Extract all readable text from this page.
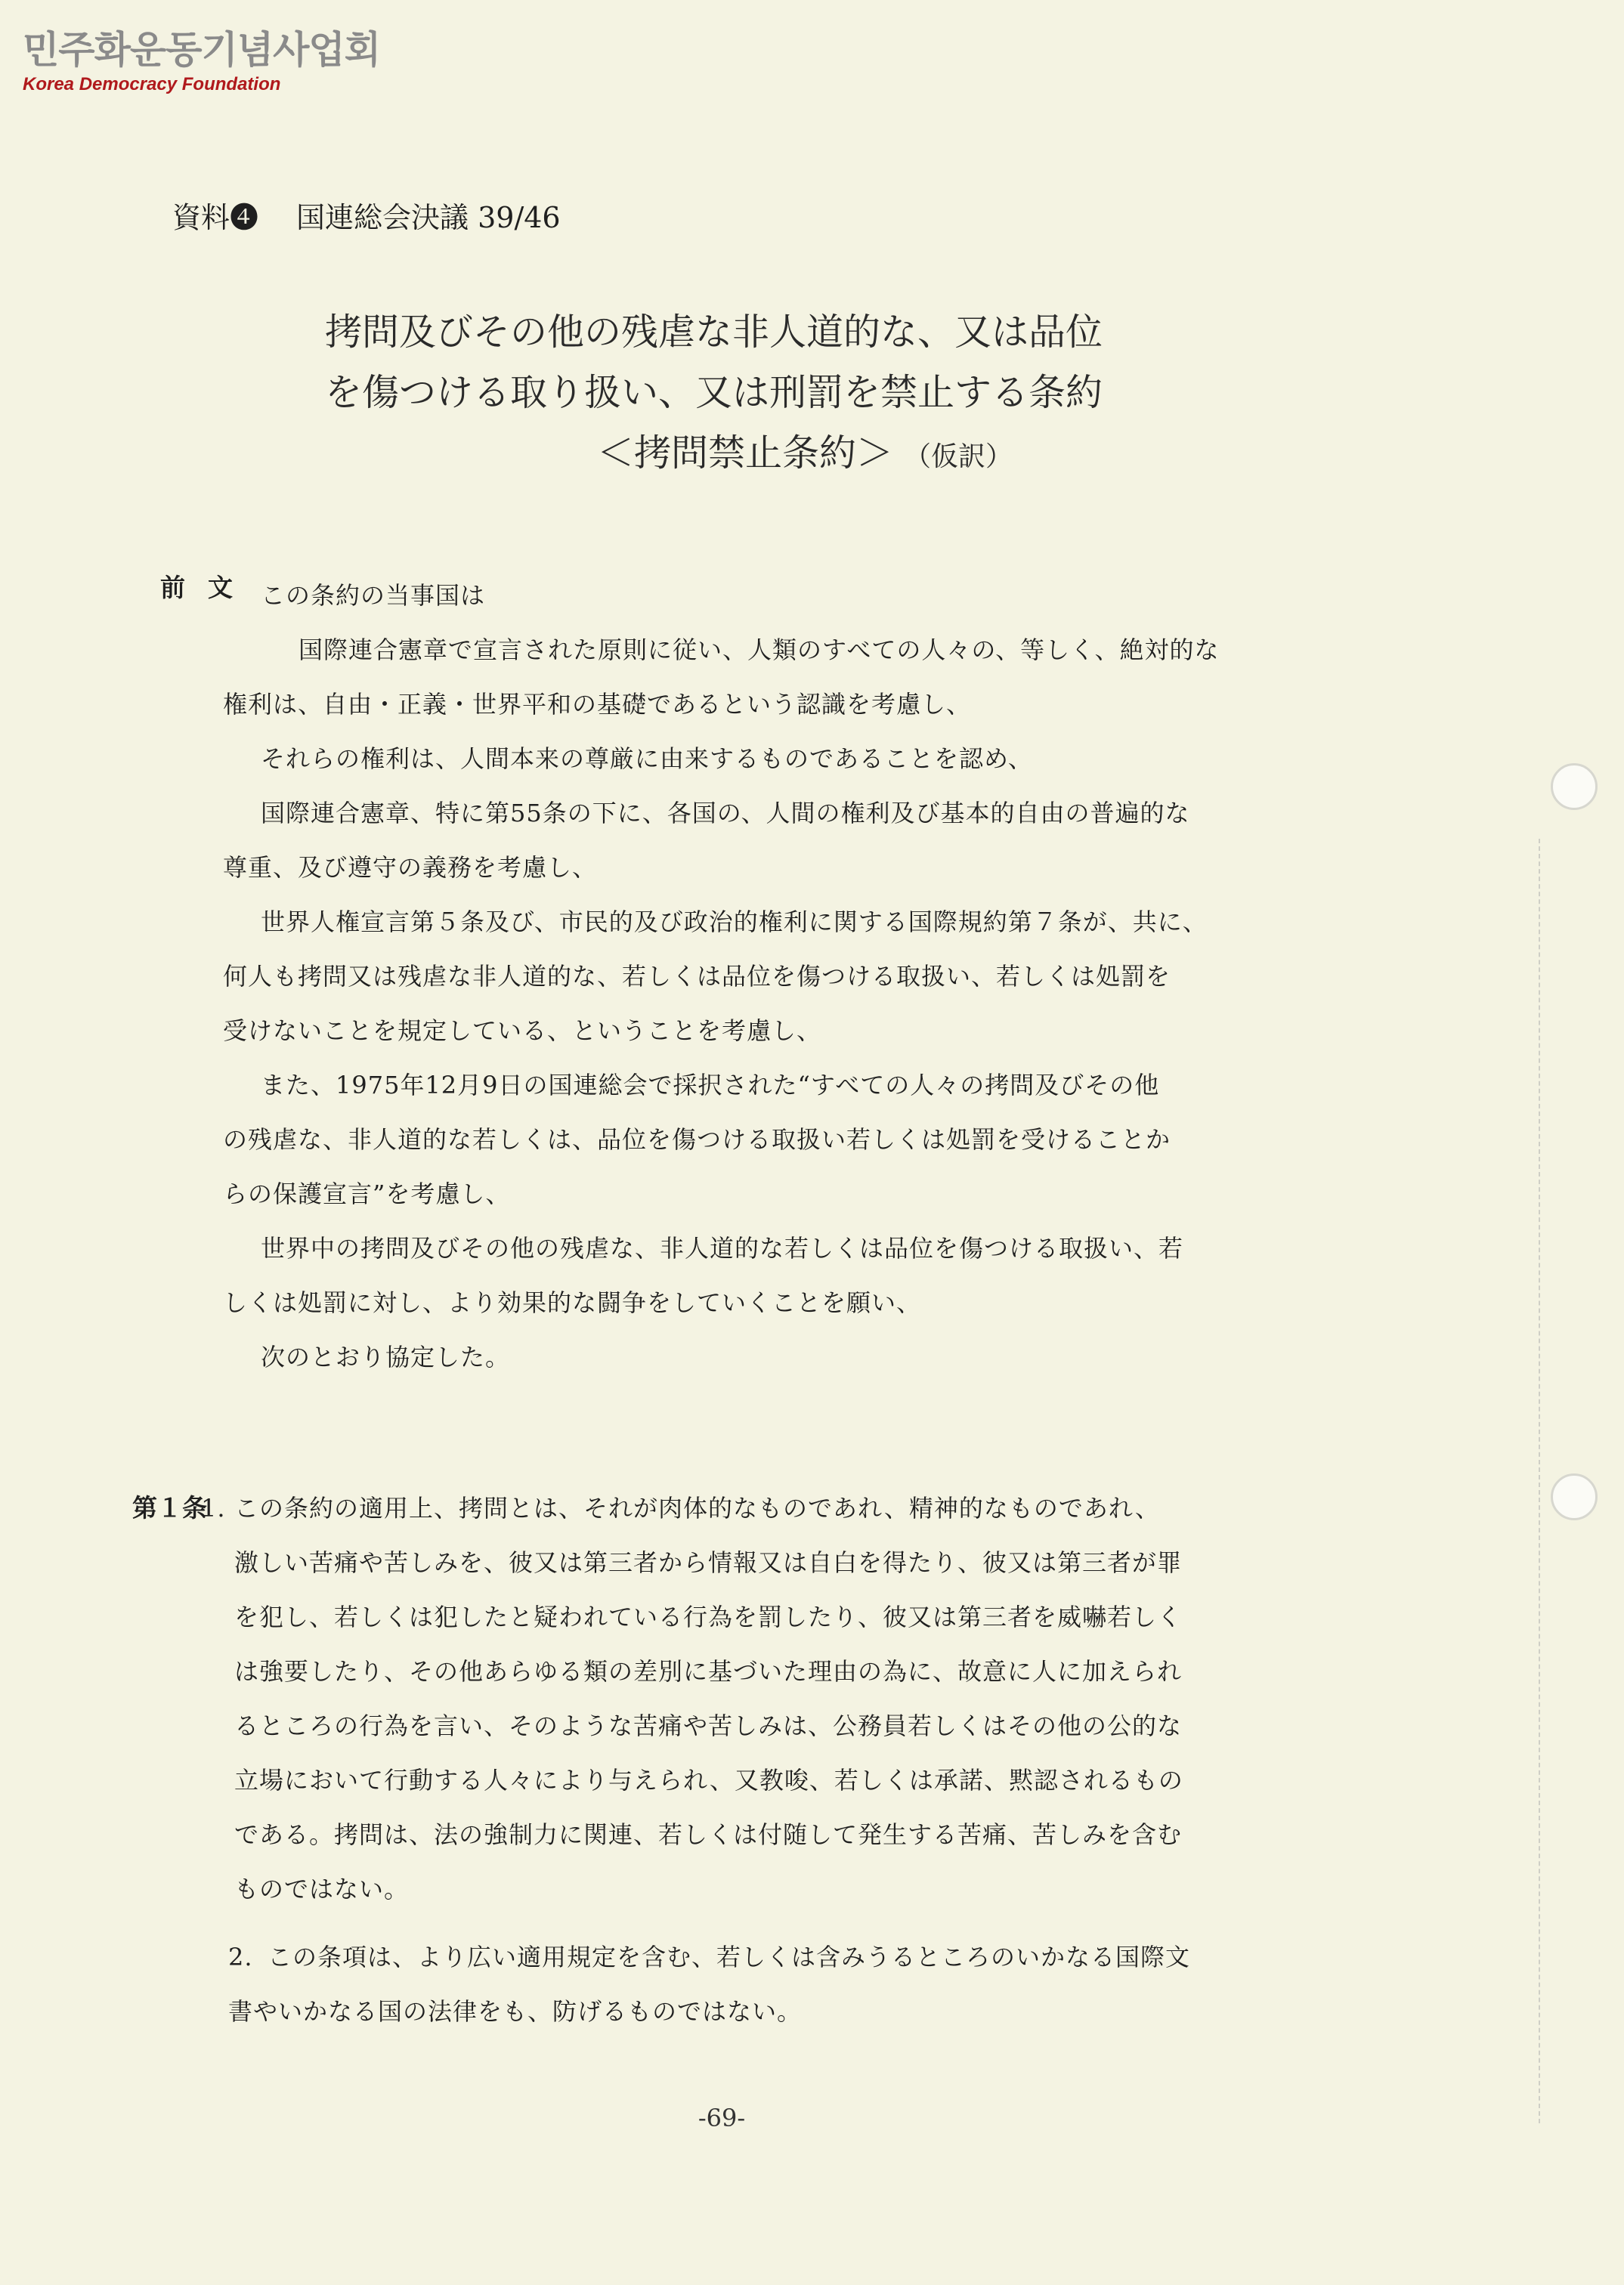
민주화운동기념사업회
Korea Democracy Foundation
資料❹ 国連総会決議 39/46
拷問及びその他の残虐な非人道的な、又は品位
を傷つける取り扱い、又は刑罰を禁止する条約
＜拷問禁止条約＞ （仮訳）
前文 この条約の当事国は
国際連合憲章で宣言された原則に従い、人類のすべての人々の、等しく、絶対的な
権利は、自由・正義・世界平和の基礎であるという認識を考慮し、
それらの権利は、人間本来の尊厳に由来するものであることを認め、
国際連合憲章、特に第55条の下に、各国の、人間の権利及び基本的自由の普遍的な
尊重、及び遵守の義務を考慮し、
世界人権宣言第５条及び、市民的及び政治的権利に関する国際規約第７条が、共に、
何人も拷問又は残虐な非人道的な、若しくは品位を傷つける取扱い、若しくは処罰を
受けないことを規定している、ということを考慮し、
また、1975年12月9日の国連総会で採択された“すべての人々の拷問及びその他
の残虐な、非人道的な若しくは、品位を傷つける取扱い若しくは処罰を受けることか
らの保護宣言”を考慮し、
世界中の拷問及びその他の残虐な、非人道的な若しくは品位を傷つける取扱い、若
しくは処罰に対し、より効果的な闘争をしていくことを願い、
次のとおり協定した。
第１条
1. この条約の適用上、拷問とは、それが肉体的なものであれ、精神的なものであれ、
激しい苦痛や苦しみを、彼又は第三者から情報又は自白を得たり、彼又は第三者が罪
を犯し、若しくは犯したと疑われている行為を罰したり、彼又は第三者を威嚇若しく
は強要したり、その他あらゆる類の差別に基づいた理由の為に、故意に人に加えられ
るところの行為を言い、そのような苦痛や苦しみは、公務員若しくはその他の公的な
立場において行動する人々により与えられ、又教唆、若しくは承諾、黙認されるもの
である。拷問は、法の強制力に関連、若しくは付随して発生する苦痛、苦しみを含む
ものではない。
2. この条項は、より広い適用規定を含む、若しくは含みうるところのいかなる国際文
書やいかなる国の法律をも、防げるものではない。
-69-
